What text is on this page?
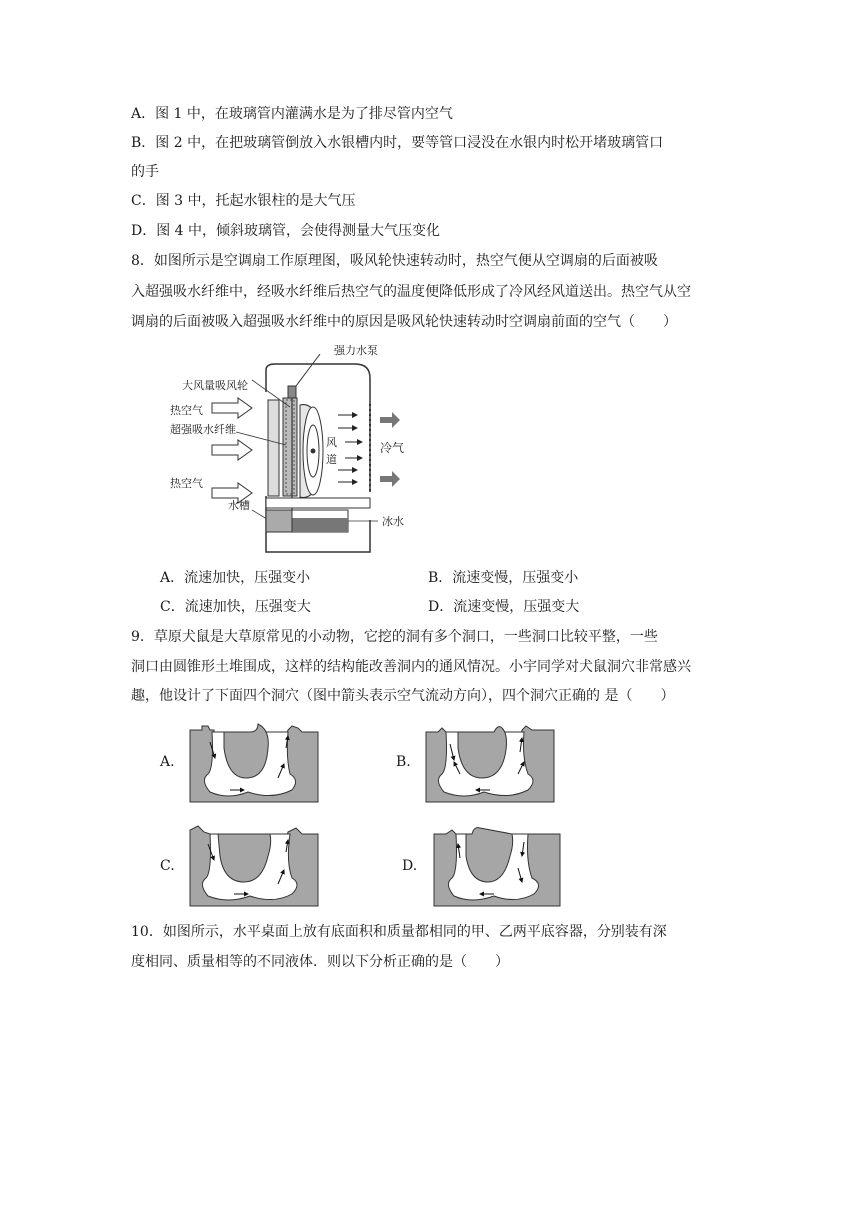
A．图 1 中，在玻璃管内灌满水是为了排尽管内空气
B．图 2 中，在把玻璃管倒放入水银槽内时，要等管口浸没在水银内时松开堵玻璃管口
的手
C．图 3 中，托起水银柱的是大气压
D．图 4 中，倾斜玻璃管，会使得测量大气压变化
8．如图所示是空调扇工作原理图，吸风轮快速转动时，热空气便从空调扇的后面被吸
入超强吸水纤维中，经吸水纤维后热空气的温度便降低形成了冷风经风道送出。热空气从空
调扇的后面被吸入超强吸水纤维中的原因是吸风轮快速转动时空调扇前面的空气（　　）
强力水泵
大风量吸风轮
热空气
超强吸水纤维
热空气
风
道
冷气
水槽
冰水
A．流速加快，压强变小	B．流速变慢，压强变小
C．流速加快，压强变大	D．流速变慢，压强变大
9．草原犬鼠是大草原常见的小动物，它挖的洞有多个洞口，一些洞口比较平整，一些
洞口由圆锥形土堆围成，这样的结构能改善洞内的通风情况。小宇同学对犬鼠洞穴非常感兴
趣，他设计了下面四个洞穴（图中箭头表示空气流动方向），四个洞穴正确的 是（　　）
A.	B.
C.	D.
10．如图所示，水平桌面上放有底面积和质量都相同的甲、乙两平底容器，分别装有深
度相同、质量相等的不同液体．则以下分析正确的是（　　）
